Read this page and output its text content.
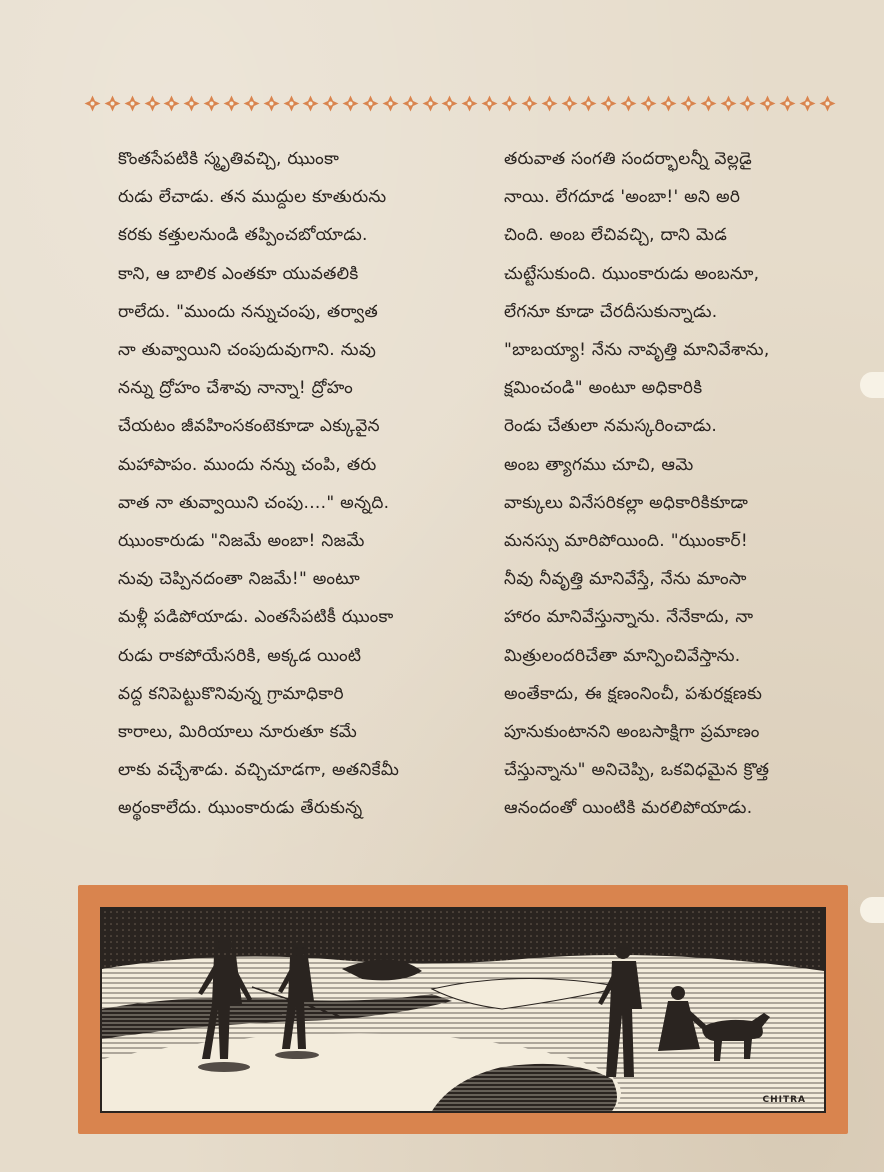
కొంతసేపటికి స్మృతివచ్చి, ఝుంకా
రుడు లేచాడు. తన ముద్దుల కూతురును
కరకు కత్తులనుండి తప్పించబోయాడు.
కాని, ఆ బాలిక ఎంతకూ యువతలికి
రాలేదు. "ముందు నన్నుచంపు, తర్వాత
నా తువ్వాయిని చంపుదువుగాని. నువు
నన్ను ద్రోహం చేశావు నాన్నా! ద్రోహం
చేయటం జీవహింసకంటెకూడా ఎక్కువైన
మహాపాపం. ముందు నన్ను చంపి, తరు
వాత నా తువ్వాయిని చంపు...." అన్నది.

ఝుంకారుడు "నిజమే అంబా! నిజమే
నువు చెప్పినదంతా నిజమే!" అంటూ
మళ్లీ పడిపోయాడు. ఎంతసేపటికీ ఝుంకా
రుడు రాకపోయేసరికి, అక్కడ యింటి
వద్ద కనిపెట్టుకొనివున్న గ్రామాధికారి
కారాలు, మిరియాలు నూరుతూ కమే
లాకు వచ్చేశాడు. వచ్చిచూడగా, అతనికేమీ
అర్థంకాలేదు. ఝుంకారుడు తేరుకున్న

తరువాత సంగతి సందర్భాలన్నీ వెల్లడై
నాయి. లేగదూడ 'అంబా!' అని అరి
చింది. అంబ లేచివచ్చి, దాని మెడ
చుట్టేసుకుంది. ఝుంకారుడు అంబనూ,
లేగనూ కూడా చేరదీసుకున్నాడు.
"బాబయ్యా! నేను నావృత్తి మానివేశాను,
క్షమించండి" అంటూ అధికారికి
రెండు చేతులా నమస్కరించాడు.

అంబ త్యాగము చూచి, ఆమె
వాక్కులు వినేసరికల్లా అధికారికికూడా
మనస్సు మారిపోయింది. "ఝుంకార్!
నీవు నీవృత్తి మానివేస్తే, నేను మాంసా
హారం మానివేస్తున్నాను. నేనేకాదు, నా
మిత్రులందరిచేతా మాన్పించివేస్తాను.
అంతేకాదు, ఈ క్షణంనించీ, పశురక్షణకు
పూనుకుంటానని అంబసాక్షిగా ప్రమాణం
చేస్తున్నాను" అనిచెప్పి, ఒకవిధమైన క్రొత్త
ఆనందంతో యింటికి మరలిపోయాడు.

CHITRA
